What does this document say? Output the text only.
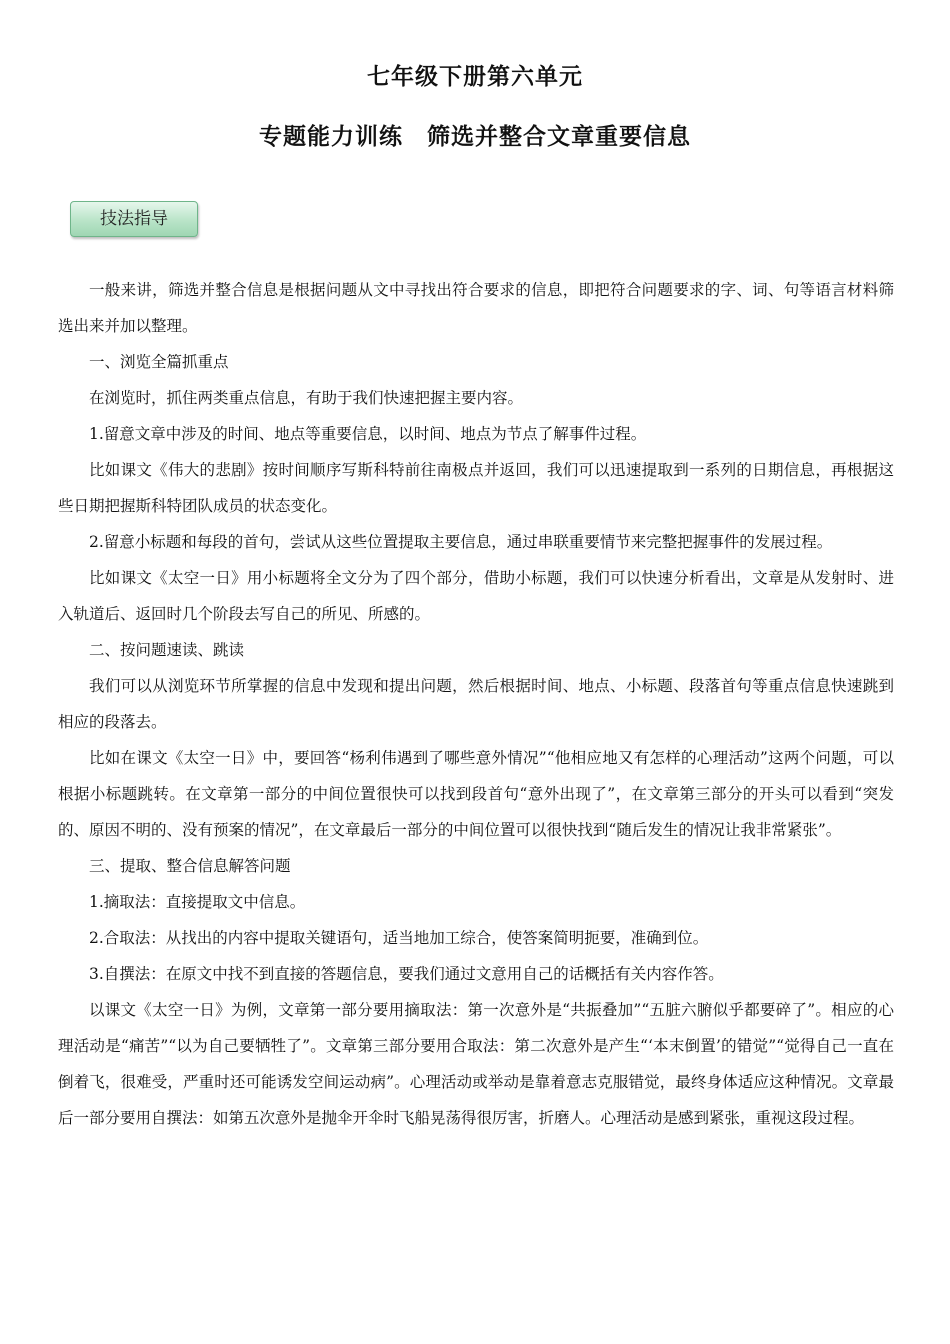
七年级下册第六单元
专题能力训练　筛选并整合文章重要信息
技法指导

一般来讲，筛选并整合信息是根据问题从文中寻找出符合要求的信息，即把符合问题要求的字、词、句等语言材料筛选出来并加以整理。

一、浏览全篇抓重点

在浏览时，抓住两类重点信息，有助于我们快速把握主要内容。

1.留意文章中涉及的时间、地点等重要信息，以时间、地点为节点了解事件过程。

比如课文《伟大的悲剧》按时间顺序写斯科特前往南极点并返回，我们可以迅速提取到一系列的日期信息，再根据这些日期把握斯科特团队成员的状态变化。

2.留意小标题和每段的首句，尝试从这些位置提取主要信息，通过串联重要情节来完整把握事件的发展过程。

比如课文《太空一日》用小标题将全文分为了四个部分，借助小标题，我们可以快速分析看出，文章是从发射时、进入轨道后、返回时几个阶段去写自己的所见、所感的。

二、按问题速读、跳读

我们可以从浏览环节所掌握的信息中发现和提出问题，然后根据时间、地点、小标题、段落首句等重点信息快速跳到相应的段落去。

比如在课文《太空一日》中，要回答“杨利伟遇到了哪些意外情况”“他相应地又有怎样的心理活动”这两个问题，可以根据小标题跳转。在文章第一部分的中间位置很快可以找到段首句“意外出现了”，在文章第三部分的开头可以看到“突发的、原因不明的、没有预案的情况”，在文章最后一部分的中间位置可以很快找到“随后发生的情况让我非常紧张”。

三、提取、整合信息解答问题

1.摘取法：直接提取文中信息。

2.合取法：从找出的内容中提取关键语句，适当地加工综合，使答案简明扼要，准确到位。

3.自撰法：在原文中找不到直接的答题信息，要我们通过文意用自己的话概括有关内容作答。

以课文《太空一日》为例，文章第一部分要用摘取法：第一次意外是“共振叠加”“五脏六腑似乎都要碎了”。相应的心理活动是“痛苦”“以为自己要牺牲了”。文章第三部分要用合取法：第二次意外是产生“‘本末倒置’的错觉”“觉得自己一直在倒着飞，很难受，严重时还可能诱发空间运动病”。心理活动或举动是靠着意志克服错觉，最终身体适应这种情况。文章最后一部分要用自撰法：如第五次意外是抛伞开伞时飞船晃荡得很厉害，折磨人。心理活动是感到紧张，重视这段过程。
